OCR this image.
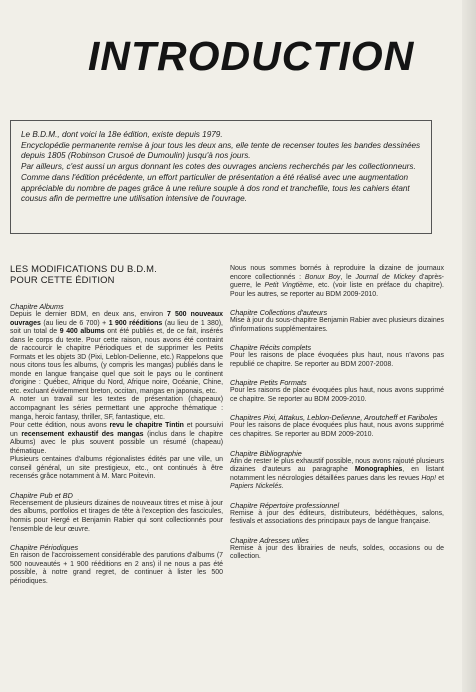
INTRODUCTION

Le B.D.M., dont voici la 18e édition, existe depuis 1979.

Encyclopédie permanente remise à jour tous les deux ans, elle tente de recenser toutes les bandes dessinées depuis 1805 (Robinson Crusoé de Dumoulin) jusqu'à nos jours.

Par ailleurs, c'est aussi un argus donnant les cotes des ouvrages anciens recherchés par les collectionneurs.

Comme dans l'édition précédente, un effort particulier de présentation a été réalisé avec une augmentation appréciable du nombre de pages grâce à une reliure souple à dos rond et tranchefile, tous les cahiers étant cousus afin de permettre une utilisation intensive de l'ouvrage.

LES MODIFICATIONS DU B.D.M.
POUR CETTE ÉDITION
Chapitre Albums

Depuis le dernier BDM, en deux ans, environ 7 500 nouveaux ouvrages (au lieu de 6 700) + 1 900 rééditions (au lieu de 1 380), soit un total de 9 400 albums ont été publiés et, de ce fait, insérés dans le corps du texte. Pour cette raison, nous avons été contraint de raccourcir le chapitre Périodiques et de supprimer les Petits Formats et les objets 3D (Pixi, Leblon-Delienne, etc.) Rappelons que nous citons tous les albums, (y compris les mangas) publiés dans le monde en langue française quel que soit le pays ou le continent d'origine : Québec, Afrique du Nord, Afrique noire, Océanie, Chine, etc. excluant évidemment breton, occitan, mangas en japonais, etc.

A noter un travail sur les textes de présentation (chapeaux) accompagnant les séries permettant une approche thématique : manga, heroic fantasy, thriller, SF, fantastique, etc.

Pour cette édition, nous avons revu le chapitre Tintin et poursuivi un recensement exhaustif des mangas (inclus dans le chapitre Albums) avec le plus souvent possible un résumé (chapeau) thématique.

Plusieurs centaines d'albums régionalistes édités par une ville, un conseil général, un site prestigieux, etc., ont continués à être recensés grâce notamment à M. Marc Poitevin.

Chapitre Pub et BD

Recensement de plusieurs dizaines de nouveaux titres et mise à jour des albums, portfolios et tirages de tête à l'exception des fascicules, hormis pour Hergé et Benjamin Rabier qui sont collectionnés pour l'ensemble de leur œuvre.

Chapitre Périodiques

En raison de l'accroissement considérable des parutions d'albums (7 500 nouveautés + 1 900 rééditions en 2 ans) il ne nous a pas été possible, à notre grand regret, de continuer à lister les 500 périodiques.

Nous nous sommes bornés à reproduire la dizaine de journaux encore collectionnés : Bonux Boy, le Journal de Mickey d'après-guerre, le Petit Vingtième, etc. (voir liste en préface du chapitre). Pour les autres, se reporter au BDM 2009-2010.

Chapitre Collections d'auteurs

Mise à jour du sous-chapitre Benjamin Rabier avec plusieurs dizaines d'informations supplémentaires.

Chapitre Récits complets

Pour les raisons de place évoquées plus haut, nous n'avons pas republié ce chapitre. Se reporter au BDM 2007-2008.

Chapitre Petits Formats

Pour les raisons de place évoquées plus haut, nous avons supprimé ce chapitre. Se reporter au BDM 2009-2010.

Chapitres Pixi, Attakus, Leblon-Delienne, Aroutcheff et Fariboles

Pour les raisons de place évoquées plus haut, nous avons supprimé ces chapitres. Se reporter au BDM 2009-2010.

Chapitre Bibliographie

Afin de rester le plus exhaustif possible, nous avons rajouté plusieurs dizaines d'auteurs au paragraphe Monographies, en listant notamment les nécrologies détaillées parues dans les revues Hop! et Papiers Nickelés.

Chapitre Répertoire professionnel

Remise à jour des éditeurs, distributeurs, bédéthèques, salons, festivals et associations des principaux pays de langue française.

Chapitre Adresses utiles

Remise à jour des librairies de neufs, soldes, occasions ou de collection.
